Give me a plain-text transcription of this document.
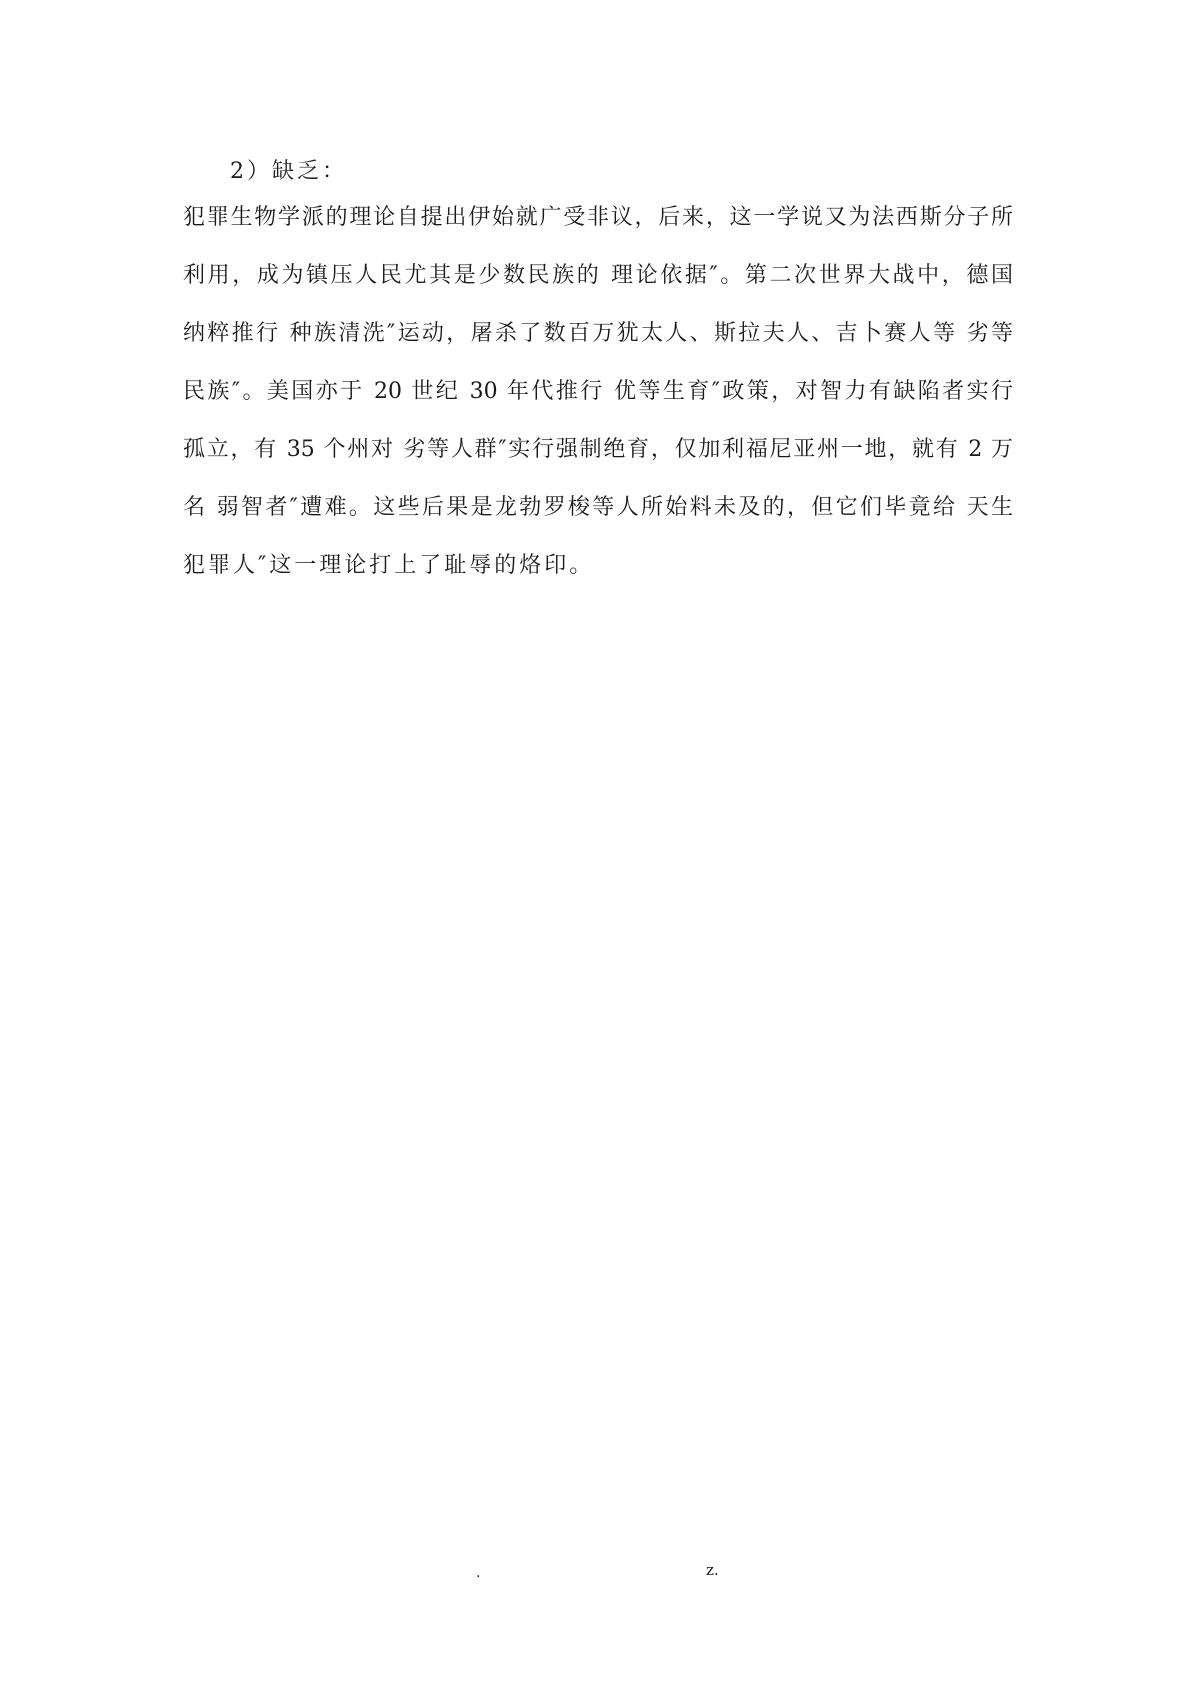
2）缺乏：
犯罪生物学派的理论自提出伊始就广受非议，后来，这一学说又为法西斯分子所
利用，成为镇压人民尤其是少数民族的 理论依据″。第二次世界大战中，德国
纳粹推行 种族清洗″运动，屠杀了数百万犹太人、斯拉夫人、吉卜赛人等 劣等
民族″。美国亦于 20 世纪 30 年代推行 优等生育″政策，对智力有缺陷者实行
孤立，有 35 个州对 劣等人群″实行强制绝育，仅加利福尼亚州一地，就有 2 万
名 弱智者″遭难。这些后果是龙勃罗梭等人所始料未及的，但它们毕竟给 天生
犯罪人″这一理论打上了耻辱的烙印。
.	z.
